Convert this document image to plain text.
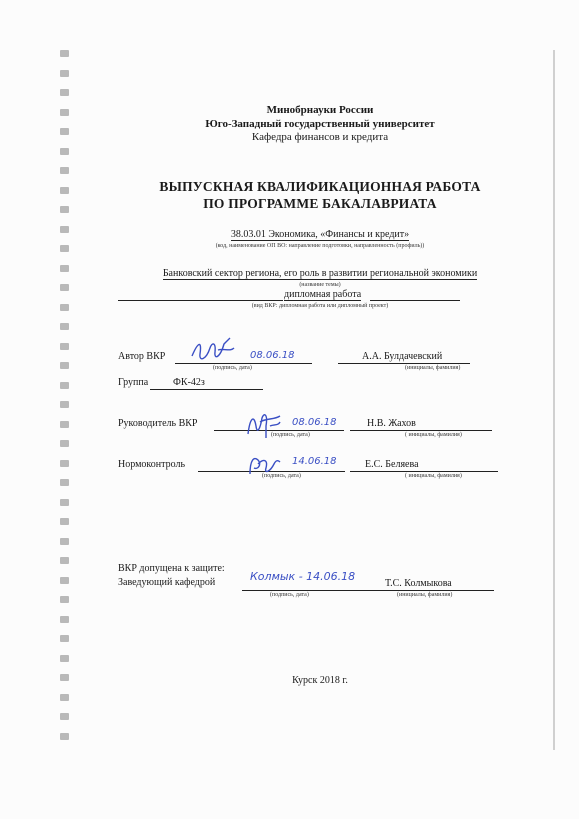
Минобрнауки России
Юго-Западный государственный университет
Кафедра финансов и кредита
ВЫПУСКНАЯ КВАЛИФИКАЦИОННАЯ РАБОТА
ПО ПРОГРАММЕ БАКАЛАВРИАТА
38.03.01 Экономика, «Финансы и кредит»
(код, наименование ОП ВО: направление подготовки, направленность (профиль))
Банковский сектор региона, его роль в развитии региональной экономики
(название темы)
дипломная работа
(вид ВКР: дипломная работа или дипломный проект)
Автор ВКР	08.06.18
(подпись, дата)
А.А. Булдачевский
(инициалы, фамилия)
Группа ФК-42з
Руководитель ВКР	08.06.18
(подпись, дата)
Н.В. Жахов
( инициалы, фамилия)
Нормоконтроль	14.06.18
(подпись, дата)
Е.С. Беляева
( инициалы, фамилия)
ВКР допущена к защите:
Заведующий кафедрой	Колмык - 14.06.18
(подпись, дата)
Т.С. Колмыкова
(инициалы, фамилия)
Курск 2018 г.
